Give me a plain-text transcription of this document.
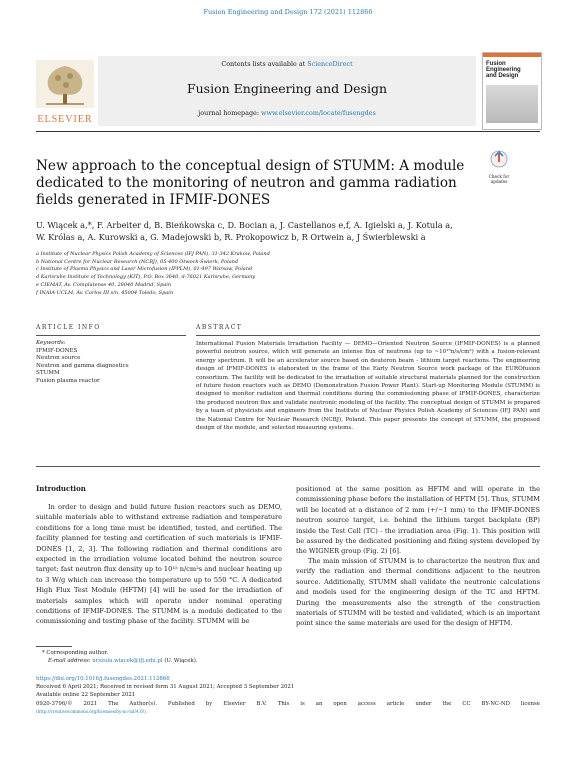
Fusion Engineering and Design 172 (2021) 112866
ELSEVIER
Contents lists available at ScienceDirect
Fusion Engineering and Design
journal homepage: www.elsevier.com/locate/fusengdes
Fusion Engineering
and Design
New approach to the conceptual design of STUMM: A module dedicated to the monitoring of neutron and gamma radiation fields generated in IFMIF-DONES
Check for
updates
U. Wiącek a,*, F. Arbeiter d, B. Bieńkowska c, D. Bocian a, J. Castellanos e,f, A. Igielski a, J. Kotula a,
W. Królas a, A. Kurowski a, G. Madejowski b, R. Prokopowicz b, R Ortwein a, J Świerblewski a
a Institute of Nuclear Physics Polish Academy of Sciences (IFJ PAN), 31-342 Kraków, Poland
b National Centre for Nuclear Research (NCBJ), 05-400 Otwock-Świerk, Poland
c Institute of Plasma Physics and Laser Microfusion (IPPLM), 01-497 Warsaw, Poland
d Karlsruhe Institute of Technology (KIT), P.O. Box 3640, d-76021 Karlsruhe, Germany
e CIEMAT, Av. Complutense 40, 28040 Madrid, Spain
f INAIA-UCLM, Av. Carlos III s/n, 45004 Toledo, Spain
ARTICLE INFO
Keywords:
IFMIF-DONES
Neutron source
Neutron and gamma diagnostics
STUMM
Fusion plasma reactor
ABSTRACT
International Fusion Materials Irradiation Facility — DEMO—Oriented Neutron Source (IFMIF-DONES) is a planned powerful neutron source, which will generate an intense flux of neutrons (up to ~10¹⁵n/s/cm²) with a fusion-relevant energy spectrum. It will be an accelerator source based on deuteron beam - lithium target reactions. The engineering design of IFMIF-DONES is elaborated in the frame of the Early Neutron Source work package of the EUROfusion consortium. The facility will be dedicated to the irradiation of suitable structural materials planned for the construction of future fusion reactors such as DEMO (Demonstration Fusion Power Plant). Start-up Monitoring Module (STUMM) is designed to monitor radiation and thermal conditions during the commissioning phase of IFMIF-DONES, characterize the produced neutron flux and validate neutronic modeling of the facility. The conceptual design of STUMM is prepared by a team of physicists and engineers from the Institute of Nuclear Physics Polish Academy of Sciences (IFJ PAN) and the National Centre for Nuclear Research (NCBJ), Poland. This paper presents the concept of STUMM, the proposed design of the module, and selected measuring systems.
Introduction
In order to design and build future fusion reactors such as DEMO, suitable materials able to withstand extreme radiation and temperature conditions for a long time must be identified, tested, and certified. The facility planned for testing and certification of such materials is IFMIF-DONES [1, 2, 3]. The following radiation and thermal conditions are expected in the irradiation volume located behind the neutron source target: fast neutron flux density up to 10¹⁵ n/cm²s and nuclear heating up to 3 W/g which can increase the temperature up to 550 °C. A dedicated High Flux Test Module (HFTM) [4] will be used for the irradiation of materials samples which will operate under nominal operating conditions of IFMIF-DONES. The STUMM is a module dedicated to the commissioning and testing phase of the facility. STUMM will be
positioned at the same position as HFTM and will operate in the commissioning phase before the installation of HFTM [5]. Thus, STUMM will be located at a distance of 2 mm (+/−1 mm) to the IFMIF-DONES neutron source target, i.e. behind the lithium target backplate (BP) inside the Test Cell (TC) - the irradiation area (Fig. 1). This position will be assured by the dedicated positioning and fixing system developed by the WIGNER group (Fig. 2) [6].
The main mission of STUMM is to characterize the neutron flux and verify the radiation and thermal conditions adjacent to the neutron source. Additionally, STUMM shall validate the neutronic calculations and models used for the engineering design of the TC and HFTM. During the measurements also the strength of the construction materials of STUMM will be tested and validated, which is an important point since the same materials are used for the design of HFTM.
* Corresponding author.
E-mail address: urszula.wiacek@ifj.edu.pl (U. Wiącek).
https://doi.org/10.1016/j.fusengdes.2021.112866
Received 6 April 2021; Received in revised form 31 August 2021; Accepted 3 September 2021
Available online 22 September 2021
0920-3796/© 2021 The Author(s). Published by Elsevier B.V. This is an open access article under the CC BY-NC-ND license
(http://creativecommons.org/licenses/by-nc-nd/4.0/).
